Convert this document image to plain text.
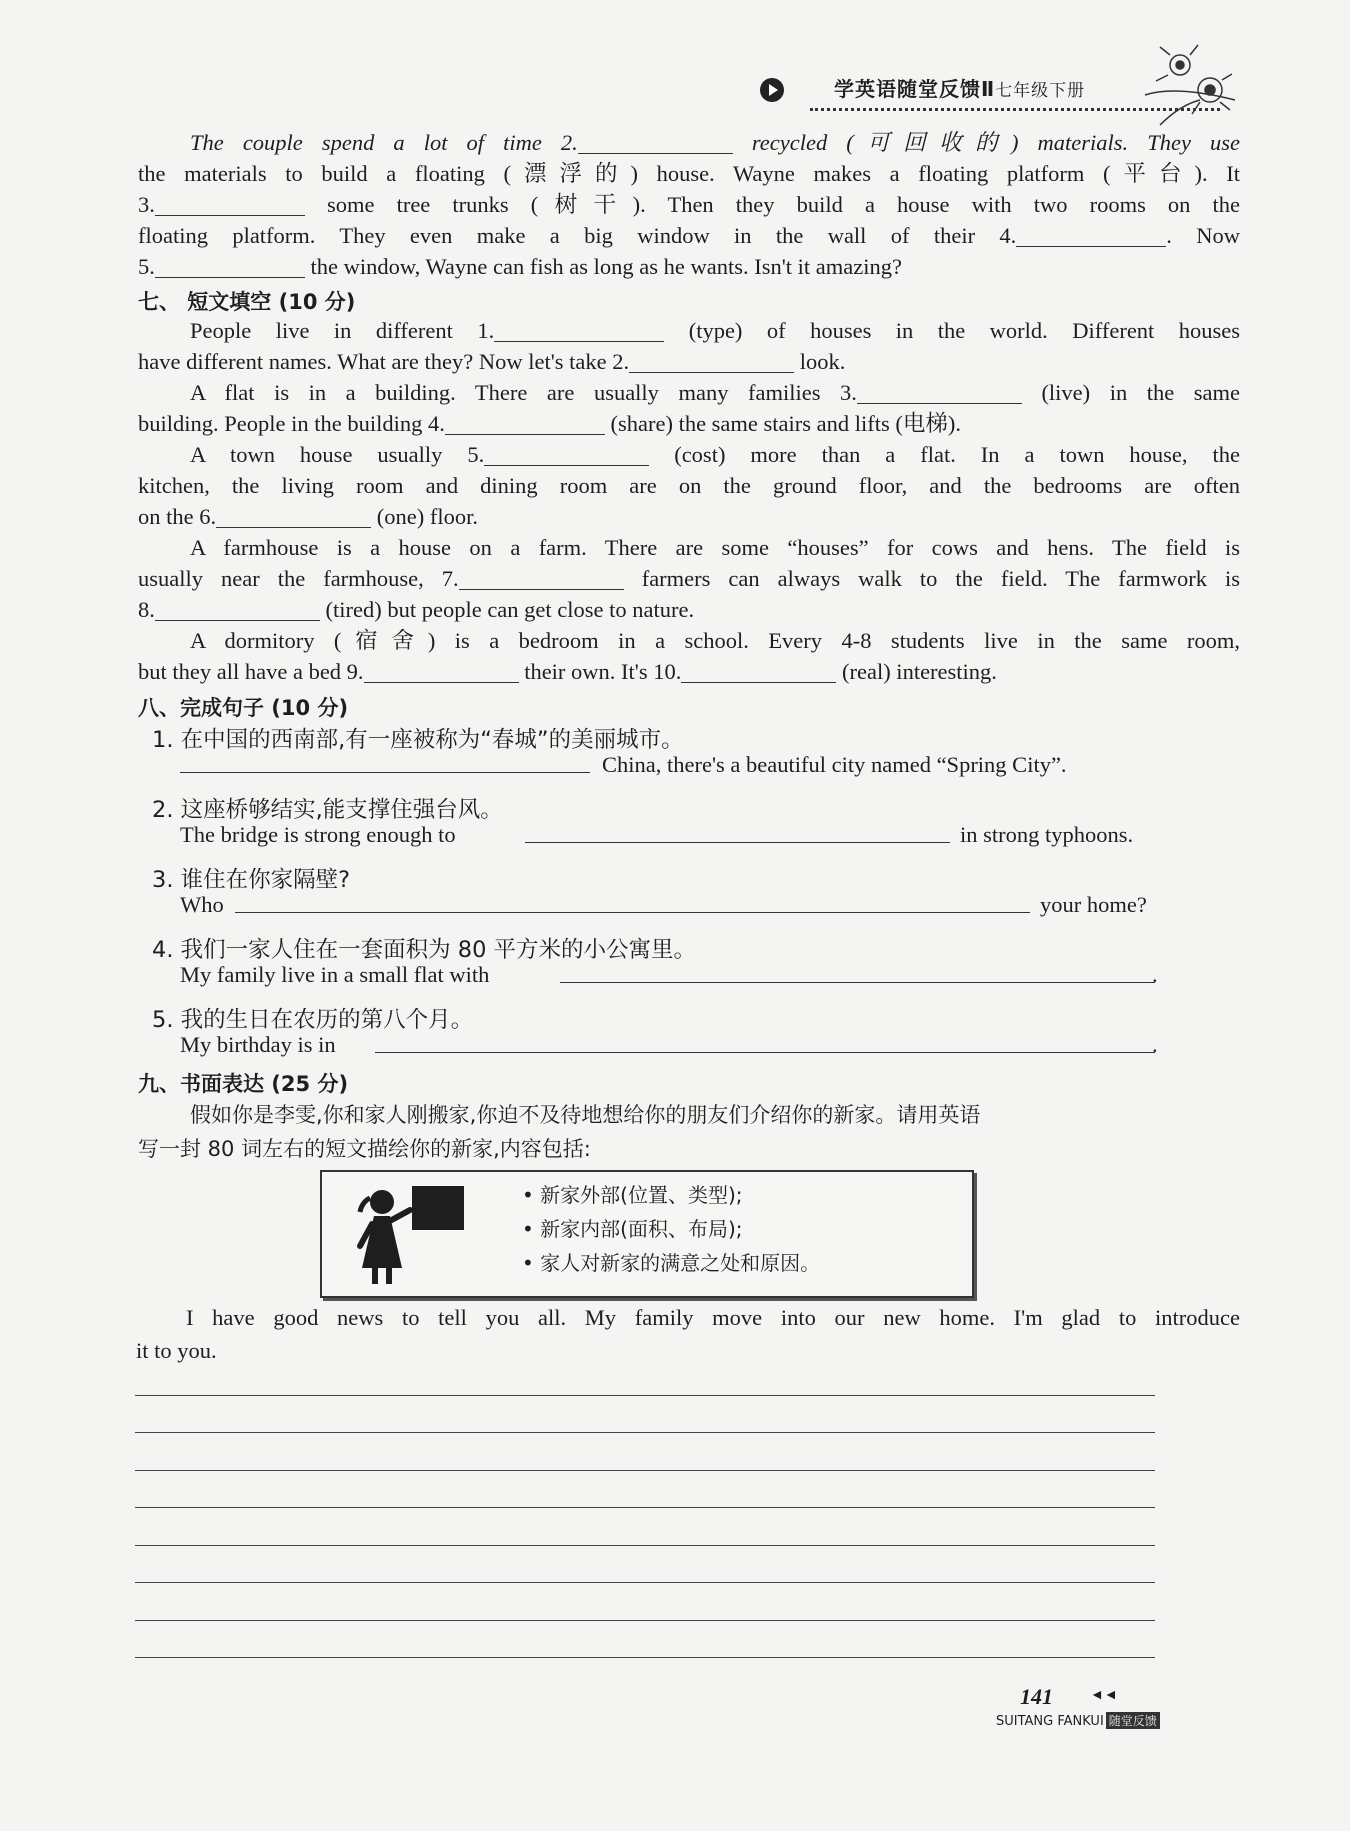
学英语随堂反馈Ⅱ七年级下册
The couple spend a lot of time 2.	recycled (可回收的) materials. They use
the materials to build a floating (漂浮的) house. Wayne makes a floating platform (平台). It
3.	some tree trunks (树干). Then they build a house with two rooms on the
floating platform. They even make a big window in the wall of their 4.	. Now
5.	the window, Wayne can fish as long as he wants. Isn't it amazing?
七、 短文填空 (10 分)
People live in different 1.	(type) of houses in the world. Different houses
have different names. What are they? Now let's take 2.	look.
A flat is in a building. There are usually many families 3.	(live) in the same
building. People in the building 4.	(share) the same stairs and lifts (电梯).
A town house usually 5.	(cost) more than a flat. In a town house, the
kitchen, the living room and dining room are on the ground floor, and the bedrooms are often
on the 6.	(one) floor.
A farmhouse is a house on a farm. There are some “houses” for cows and hens. The field is
usually near the farmhouse, 7.	farmers can always walk to the field. The farmwork is
8.	(tired) but people can get close to nature.
A dormitory (宿舍) is a bedroom in a school. Every 4-8 students live in the same room,
but they all have a bed 9.	their own. It's 10.	(real) interesting.
八、完成句子 (10 分)
1. 在中国的西南部,有一座被称为“春城”的美丽城市。
China, there's a beautiful city named “Spring City”.
2. 这座桥够结实,能支撑住强台风。
The bridge is strong enough to	in strong typhoons.
3. 谁住在你家隔壁?
Who	your home?
4. 我们一家人住在一套面积为 80 平方米的小公寓里。
My family live in a small flat with	.
5. 我的生日在农历的第八个月。
My birthday is in	.
九、书面表达 (25 分)
假如你是李雯,你和家人刚搬家,你迫不及待地想给你的朋友们介绍你的新家。请用英语
写一封 80 词左右的短文描绘你的新家,内容包括:
• 新家外部(位置、类型);
• 新家内部(面积、布局);
• 家人对新家的满意之处和原因。
I have good news to tell you all. My family move into our new home. I'm glad to introduce
it to you.
141	◄◄
SUITANG FANKUI 随堂反馈
